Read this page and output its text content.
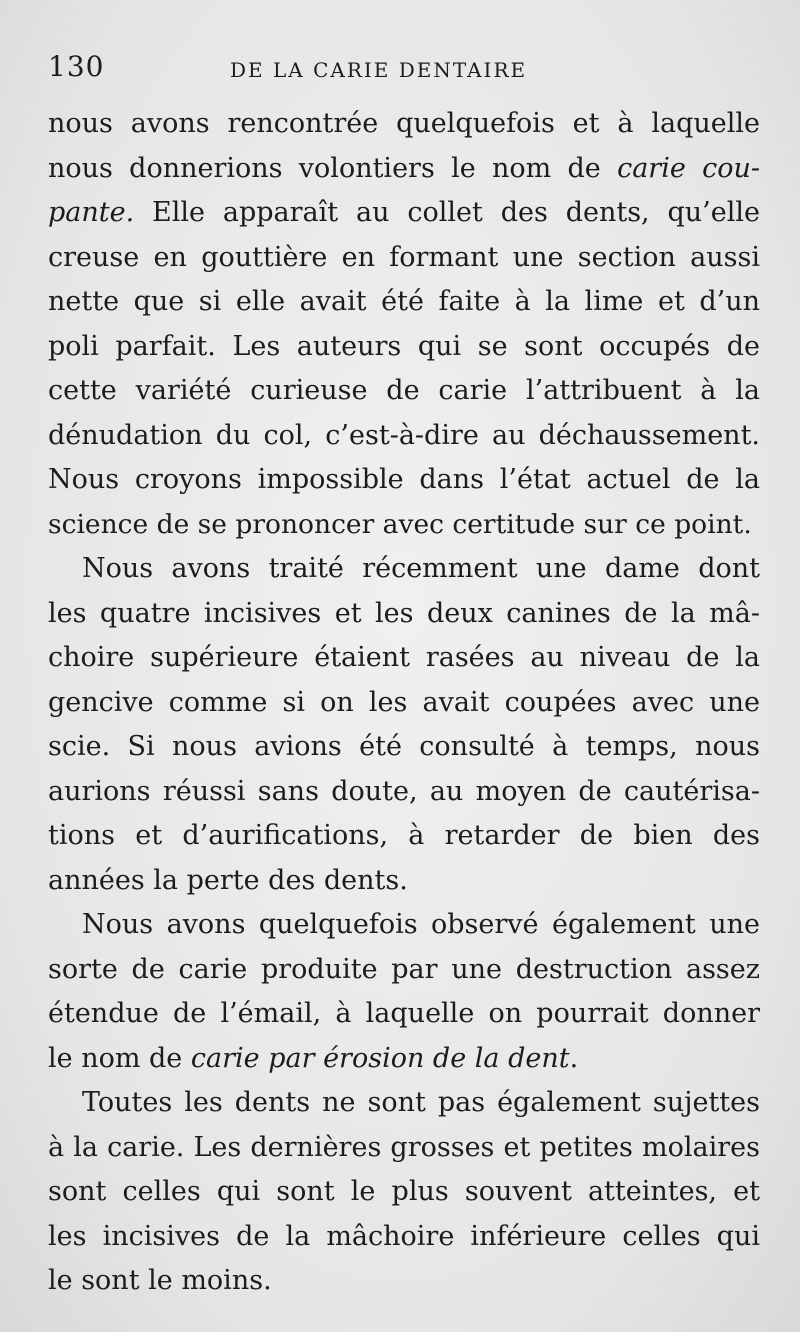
130	DE LA CARIE DENTAIRE
nous avons rencontrée quelquefois et à laquelle
nous donnerions volontiers le nom de carie cou-
pante. Elle apparaît au collet des dents, qu’elle
creuse en gouttière en formant une section aussi
nette que si elle avait été faite à la lime et d’un
poli parfait. Les auteurs qui se sont occupés de
cette variété curieuse de carie l’attribuent à la
dénudation du col, c’est-à-dire au déchaussement.
Nous croyons impossible dans l’état actuel de la
science de se prononcer avec certitude sur ce point.
Nous avons traité récemment une dame dont
les quatre incisives et les deux canines de la mâ-
choire supérieure étaient rasées au niveau de la
gencive comme si on les avait coupées avec une
scie. Si nous avions été consulté à temps, nous
aurions réussi sans doute, au moyen de cautérisa-
tions et d’aurifications, à retarder de bien des
années la perte des dents.
Nous avons quelquefois observé également une
sorte de carie produite par une destruction assez
étendue de l’émail, à laquelle on pourrait donner
le nom de carie par érosion de la dent.
Toutes les dents ne sont pas également sujettes
à la carie. Les dernières grosses et petites molaires
sont celles qui sont le plus souvent atteintes, et
les incisives de la mâchoire inférieure celles qui
le sont le moins.
